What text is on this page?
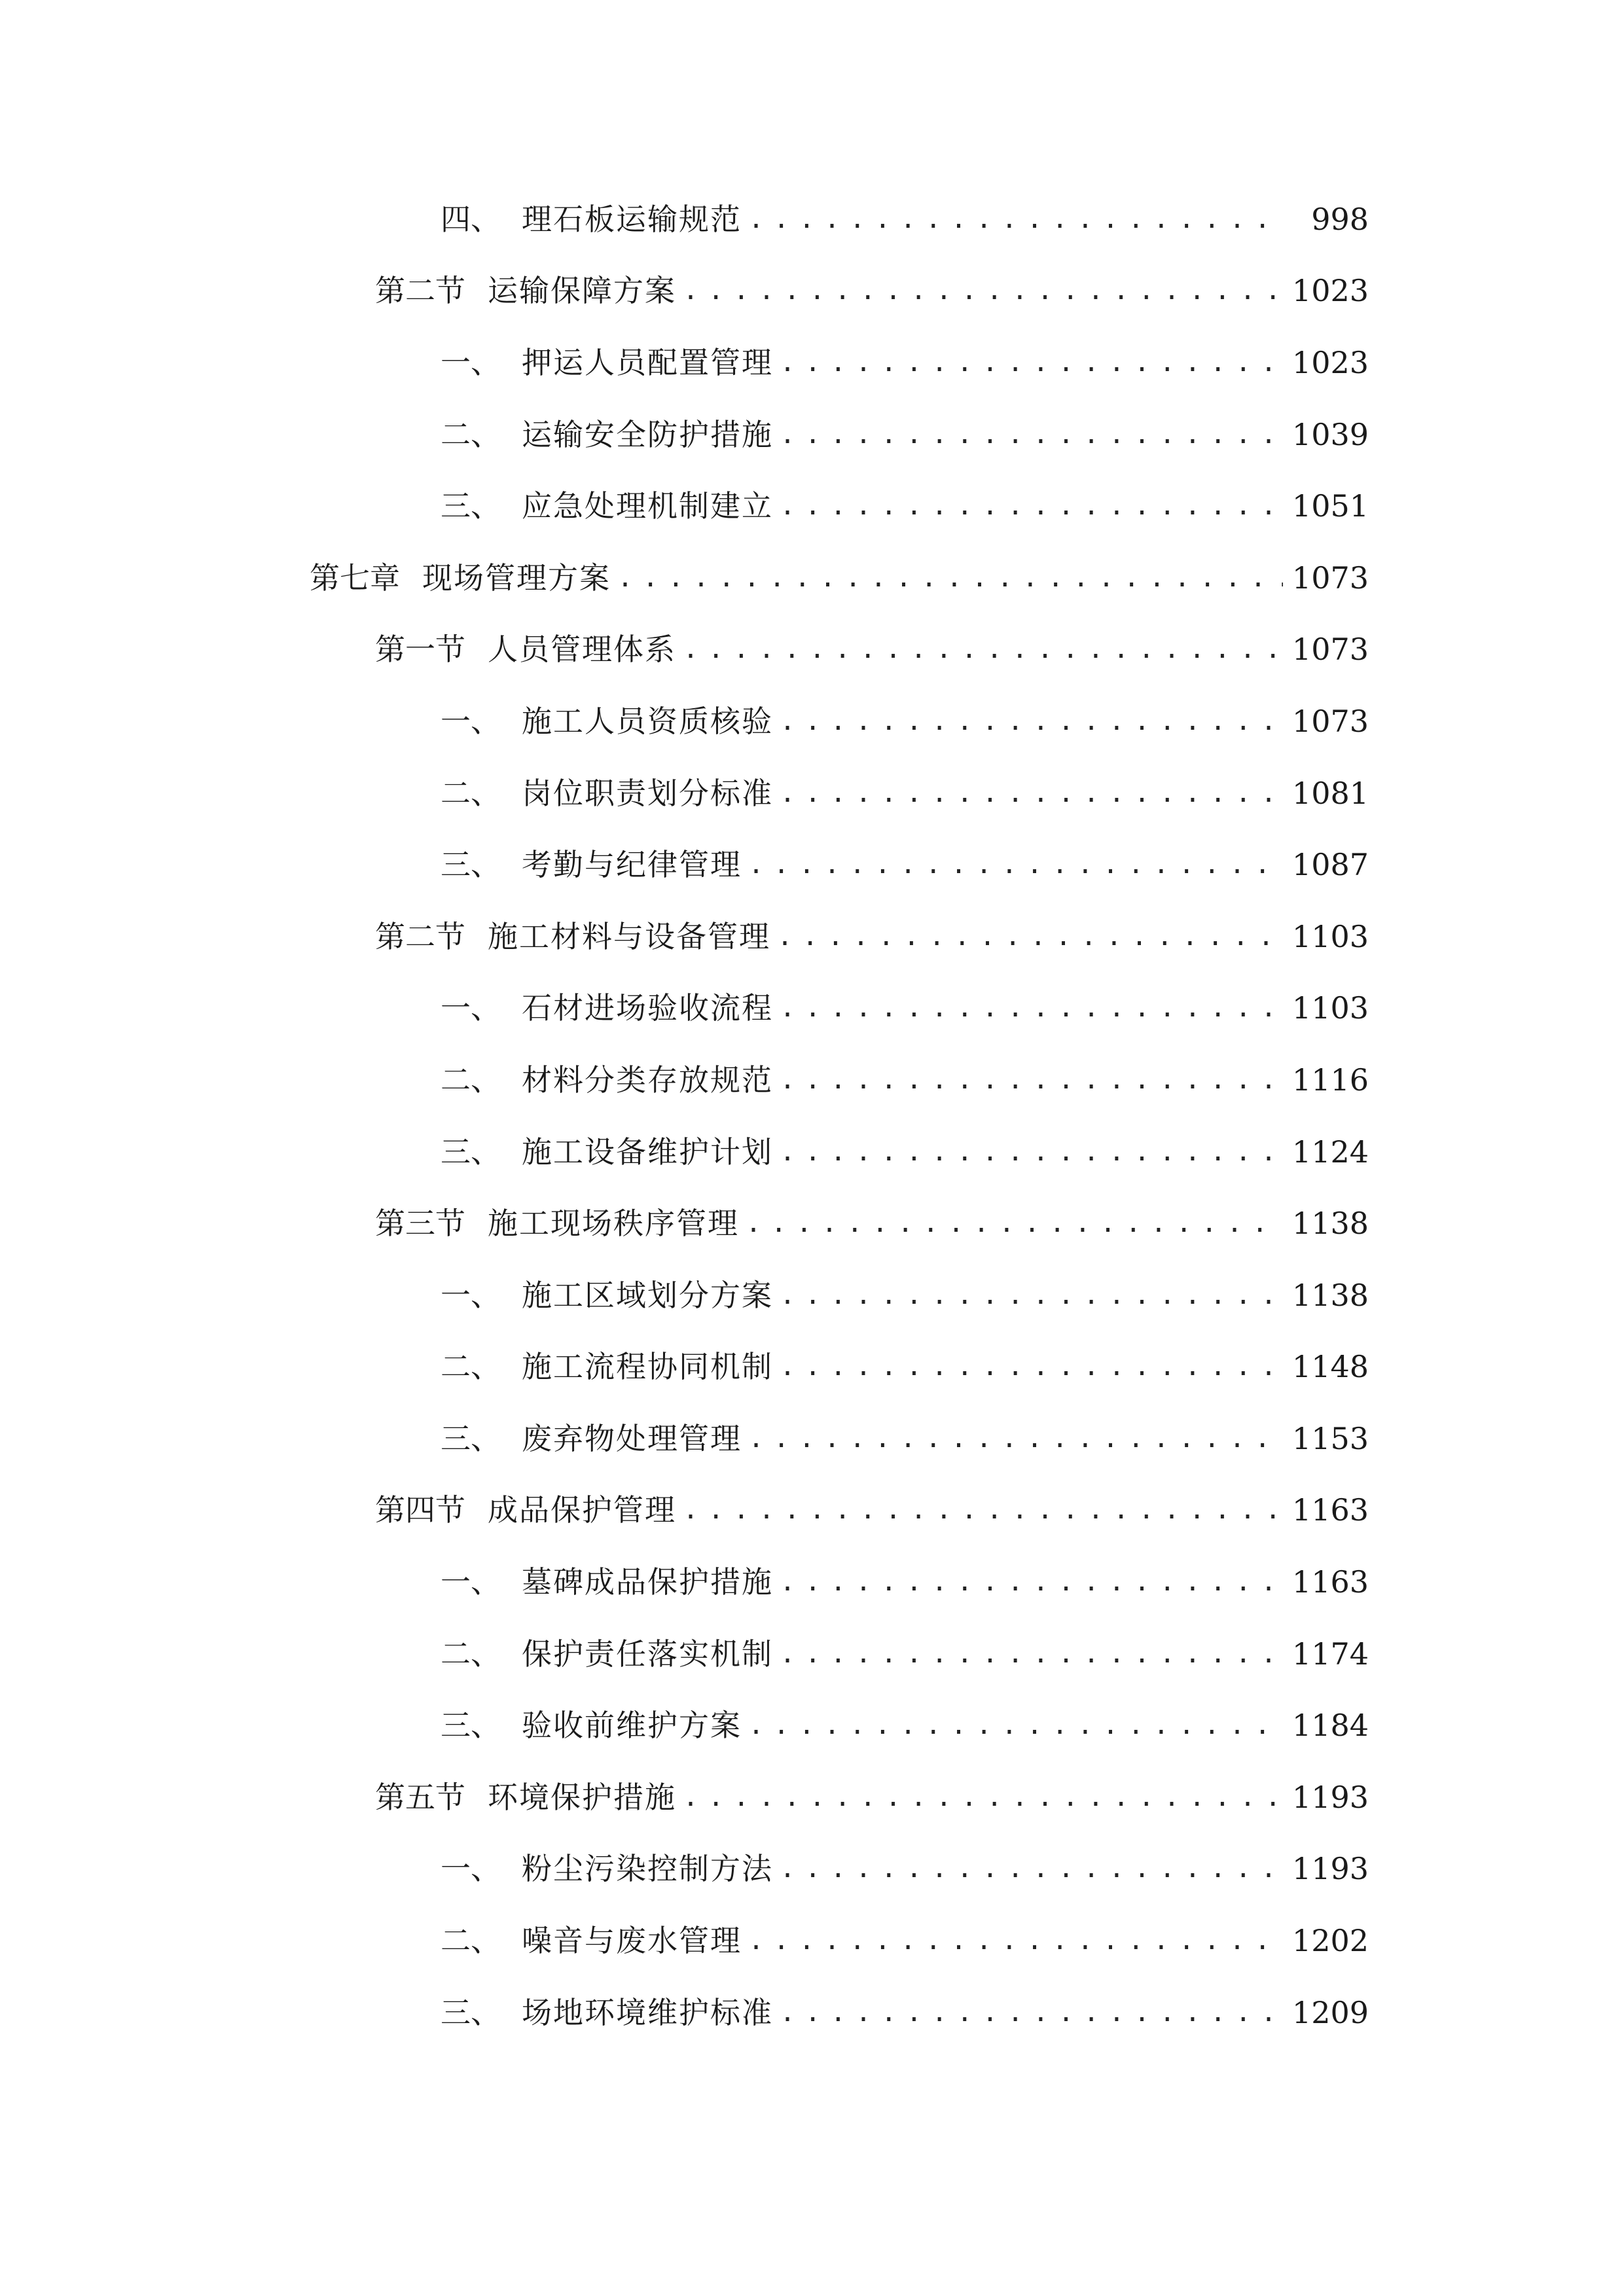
四、 理石板运输规范 .....	998
第二节 运输保障方案 .....	1023
一、 押运人员配置管理 .....	1023
二、 运输安全防护措施 .....	1039
三、 应急处理机制建立 .....	1051
第七章 现场管理方案 .....	1073
第一节 人员管理体系 .....	1073
一、 施工人员资质核验 .....	1073
二、 岗位职责划分标准 .....	1081
三、 考勤与纪律管理 .....	1087
第二节 施工材料与设备管理 .....	1103
一、 石材进场验收流程 .....	1103
二、 材料分类存放规范 .....	1116
三、 施工设备维护计划 .....	1124
第三节 施工现场秩序管理 .....	1138
一、 施工区域划分方案 .....	1138
二、 施工流程协同机制 .....	1148
三、 废弃物处理管理 .....	1153
第四节 成品保护管理 .....	1163
一、 墓碑成品保护措施 .....	1163
二、 保护责任落实机制 .....	1174
三、 验收前维护方案 .....	1184
第五节 环境保护措施 .....	1193
一、 粉尘污染控制方法 .....	1193
二、 噪音与废水管理 .....	1202
三、 场地环境维护标准 .....	1209
